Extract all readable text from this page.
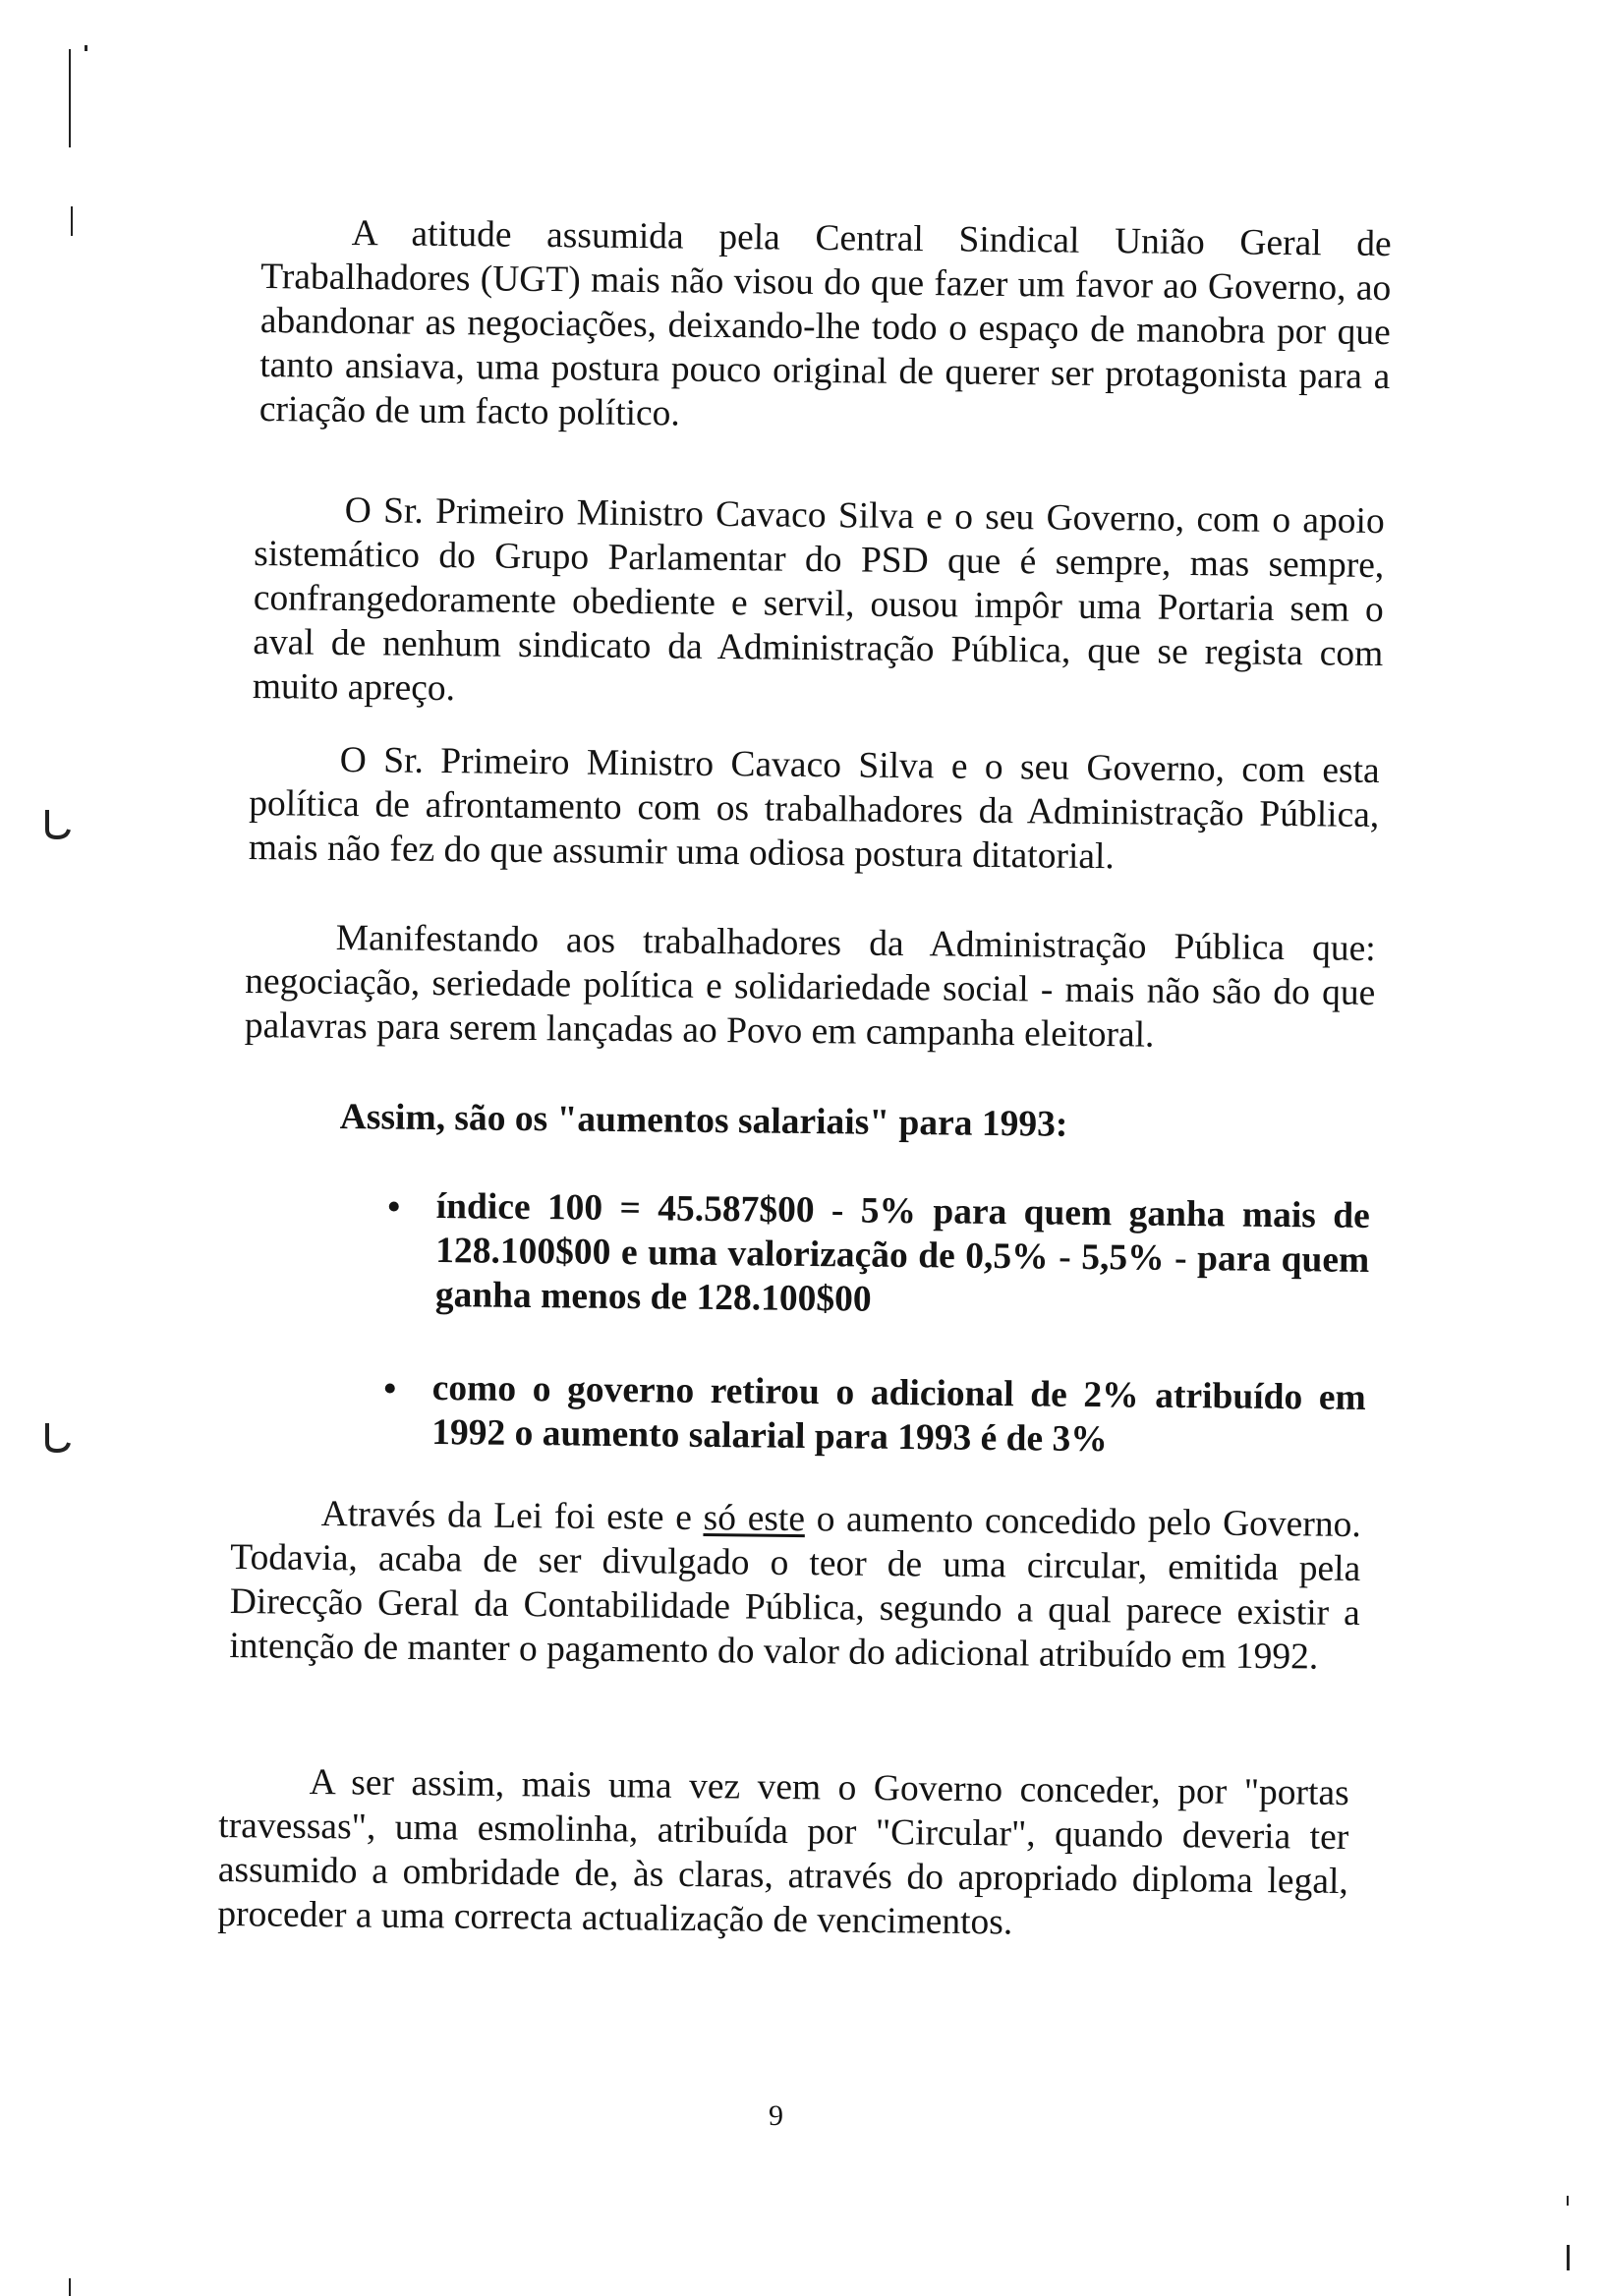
A atitude assumida pela Central Sindical União Geral de Trabalhadores (UGT) mais não visou do que fazer um favor ao Governo, ao abandonar as negociações, deixando-lhe todo o espaço de manobra por que tanto ansiava, uma postura pouco original de querer ser protagonista para a criação de um facto político.

O Sr. Primeiro Ministro Cavaco Silva e o seu Governo, com o apoio sistemático do Grupo Parlamentar do PSD que é sempre, mas sempre, confrangedoramente obediente e servil, ousou impôr uma Portaria sem o aval de nenhum sindicato da Administração Pública, que se regista com muito apreço.

O Sr. Primeiro Ministro Cavaco Silva e o seu Governo, com esta política de afrontamento com os trabalhadores da Administração Pública, mais não fez do que assumir uma odiosa postura ditatorial.

Manifestando aos trabalhadores da Administração Pública que: negociação, seriedade política e solidariedade social - mais não são do que palavras para serem lançadas ao Povo em campanha eleitoral.

Assim, são os "aumentos salariais" para 1993:

índice 100 = 45.587$00 - 5% para quem ganha mais de 128.100$00 e uma valorização de 0,5% - 5,5% - para quem ganha menos de 128.100$00
como o governo retirou o adicional de 2% atribuído em 1992 o aumento salarial para 1993 é de 3%

Através da Lei foi este e só este o aumento concedido pelo Governo. Todavia, acaba de ser divulgado o teor de uma circular, emitida pela Direcção Geral da Contabilidade Pública, segundo a qual parece existir a intenção de manter o pagamento do valor do adicional atribuído em 1992.

A ser assim, mais uma vez vem o Governo conceder, por "portas travessas", uma esmolinha, atribuída por "Circular", quando deveria ter assumido a ombridade de, às claras, através do apropriado diploma legal, proceder a uma correcta actualização de vencimentos.

9
